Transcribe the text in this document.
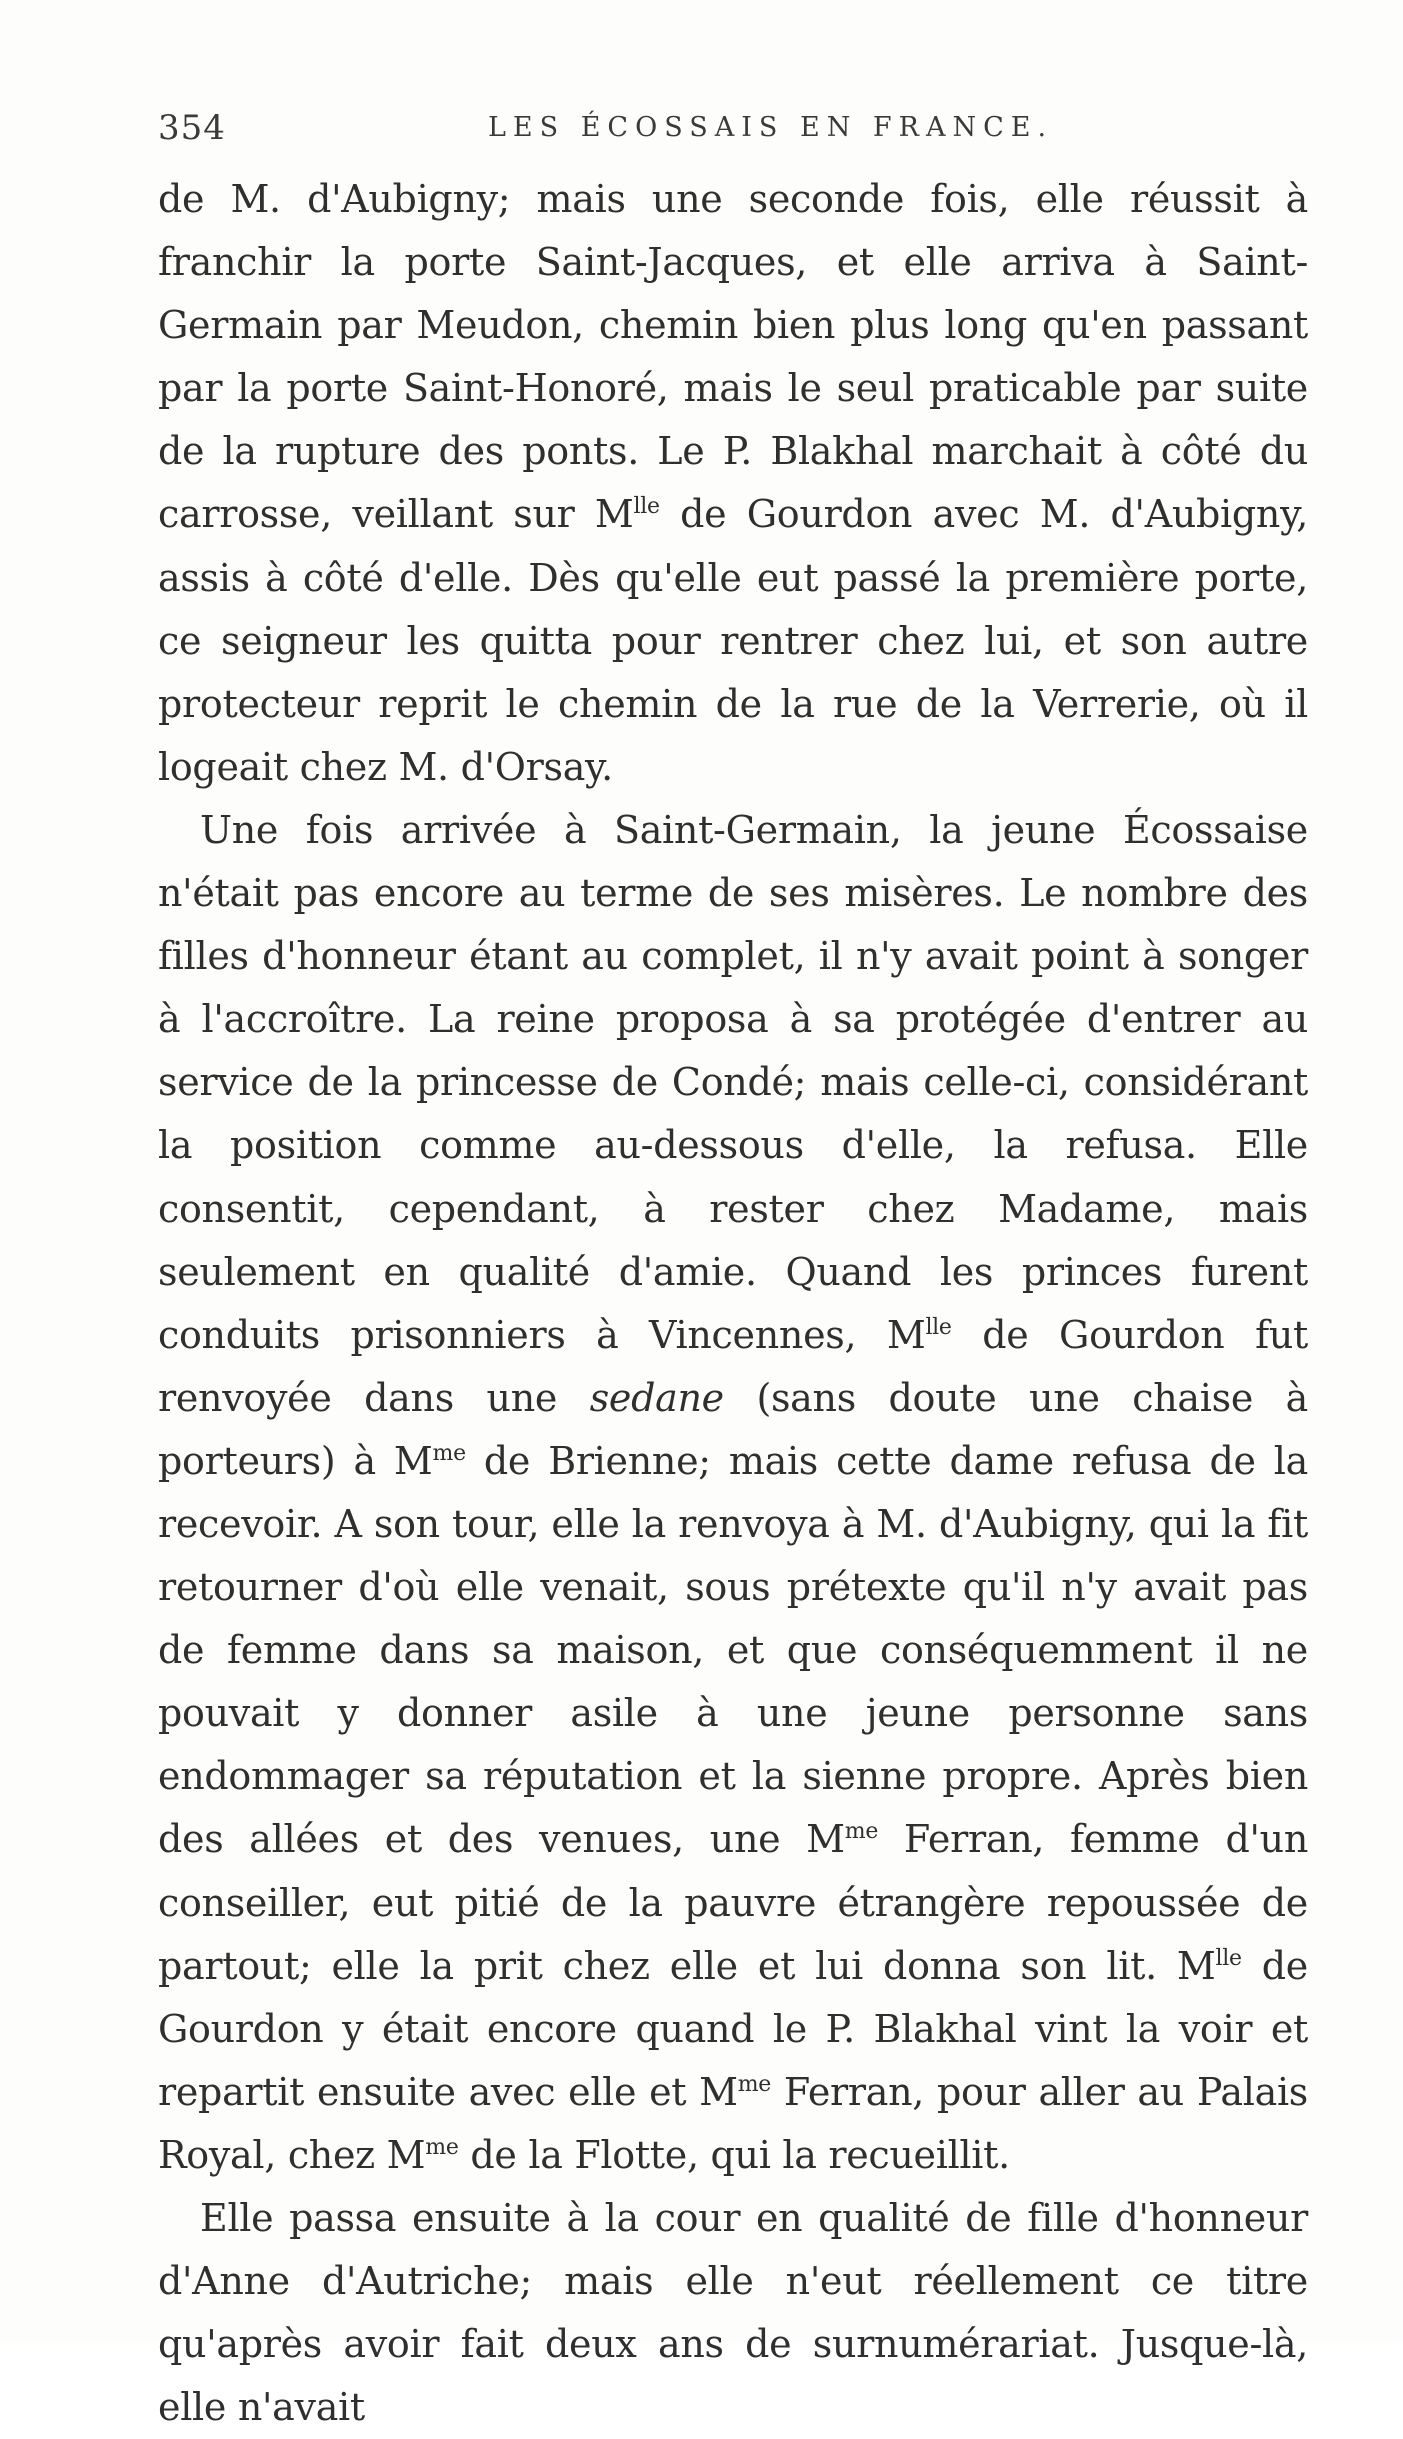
354	LES ÉCOSSAIS EN FRANCE.

de M. d'Aubigny; mais une seconde fois, elle réussit à franchir la porte Saint-Jacques, et elle arriva à Saint-Germain par Meudon, chemin bien plus long qu'en passant par la porte Saint-Honoré, mais le seul praticable par suite de la rupture des ponts. Le P. Blakhal marchait à côté du carrosse, veillant sur $M^{lle}$ de Gourdon avec M. d'Aubigny, assis à côté d'elle. Dès qu'elle eut passé la première porte, ce seigneur les quitta pour rentrer chez lui, et son autre protecteur reprit le chemin de la rue de la Verrerie, où il logeait chez M. d'Orsay.

Une fois arrivée à Saint-Germain, la jeune Écossaise n'était pas encore au terme de ses misères. Le nombre des filles d'honneur étant au complet, il n'y avait point à songer à l'accroître. La reine proposa à sa protégée d'entrer au service de la princesse de Condé; mais celle-ci, considérant la position comme au-dessous d'elle, la refusa. Elle consentit, cependant, à rester chez Madame, mais seulement en qualité d'amie. Quand les princes furent conduits prisonniers à Vincennes, $M^{lle}$ de Gourdon fut renvoyée dans une sedane (sans doute une chaise à porteurs) à $M^{me}$ de Brienne; mais cette dame refusa de la recevoir. A son tour, elle la renvoya à M. d'Aubigny, qui la fit retourner d'où elle venait, sous prétexte qu'il n'y avait pas de femme dans sa maison, et que conséquemment il ne pouvait y donner asile à une jeune personne sans endommager sa réputation et la sienne propre. Après bien des allées et des venues, une $M^{me}$ Ferran, femme d'un conseiller, eut pitié de la pauvre étrangère repoussée de partout; elle la prit chez elle et lui donna son lit. $M^{lle}$ de Gourdon y était encore quand le P. Blakhal vint la voir et repartit ensuite avec elle et $M^{me}$ Ferran, pour aller au Palais Royal, chez $M^{me}$ de la Flotte, qui la recueillit.

Elle passa ensuite à la cour en qualité de fille d'honneur d'Anne d'Autriche; mais elle n'eut réellement ce titre qu'après avoir fait deux ans de surnumérariat. Jusque-là, elle n'avait
